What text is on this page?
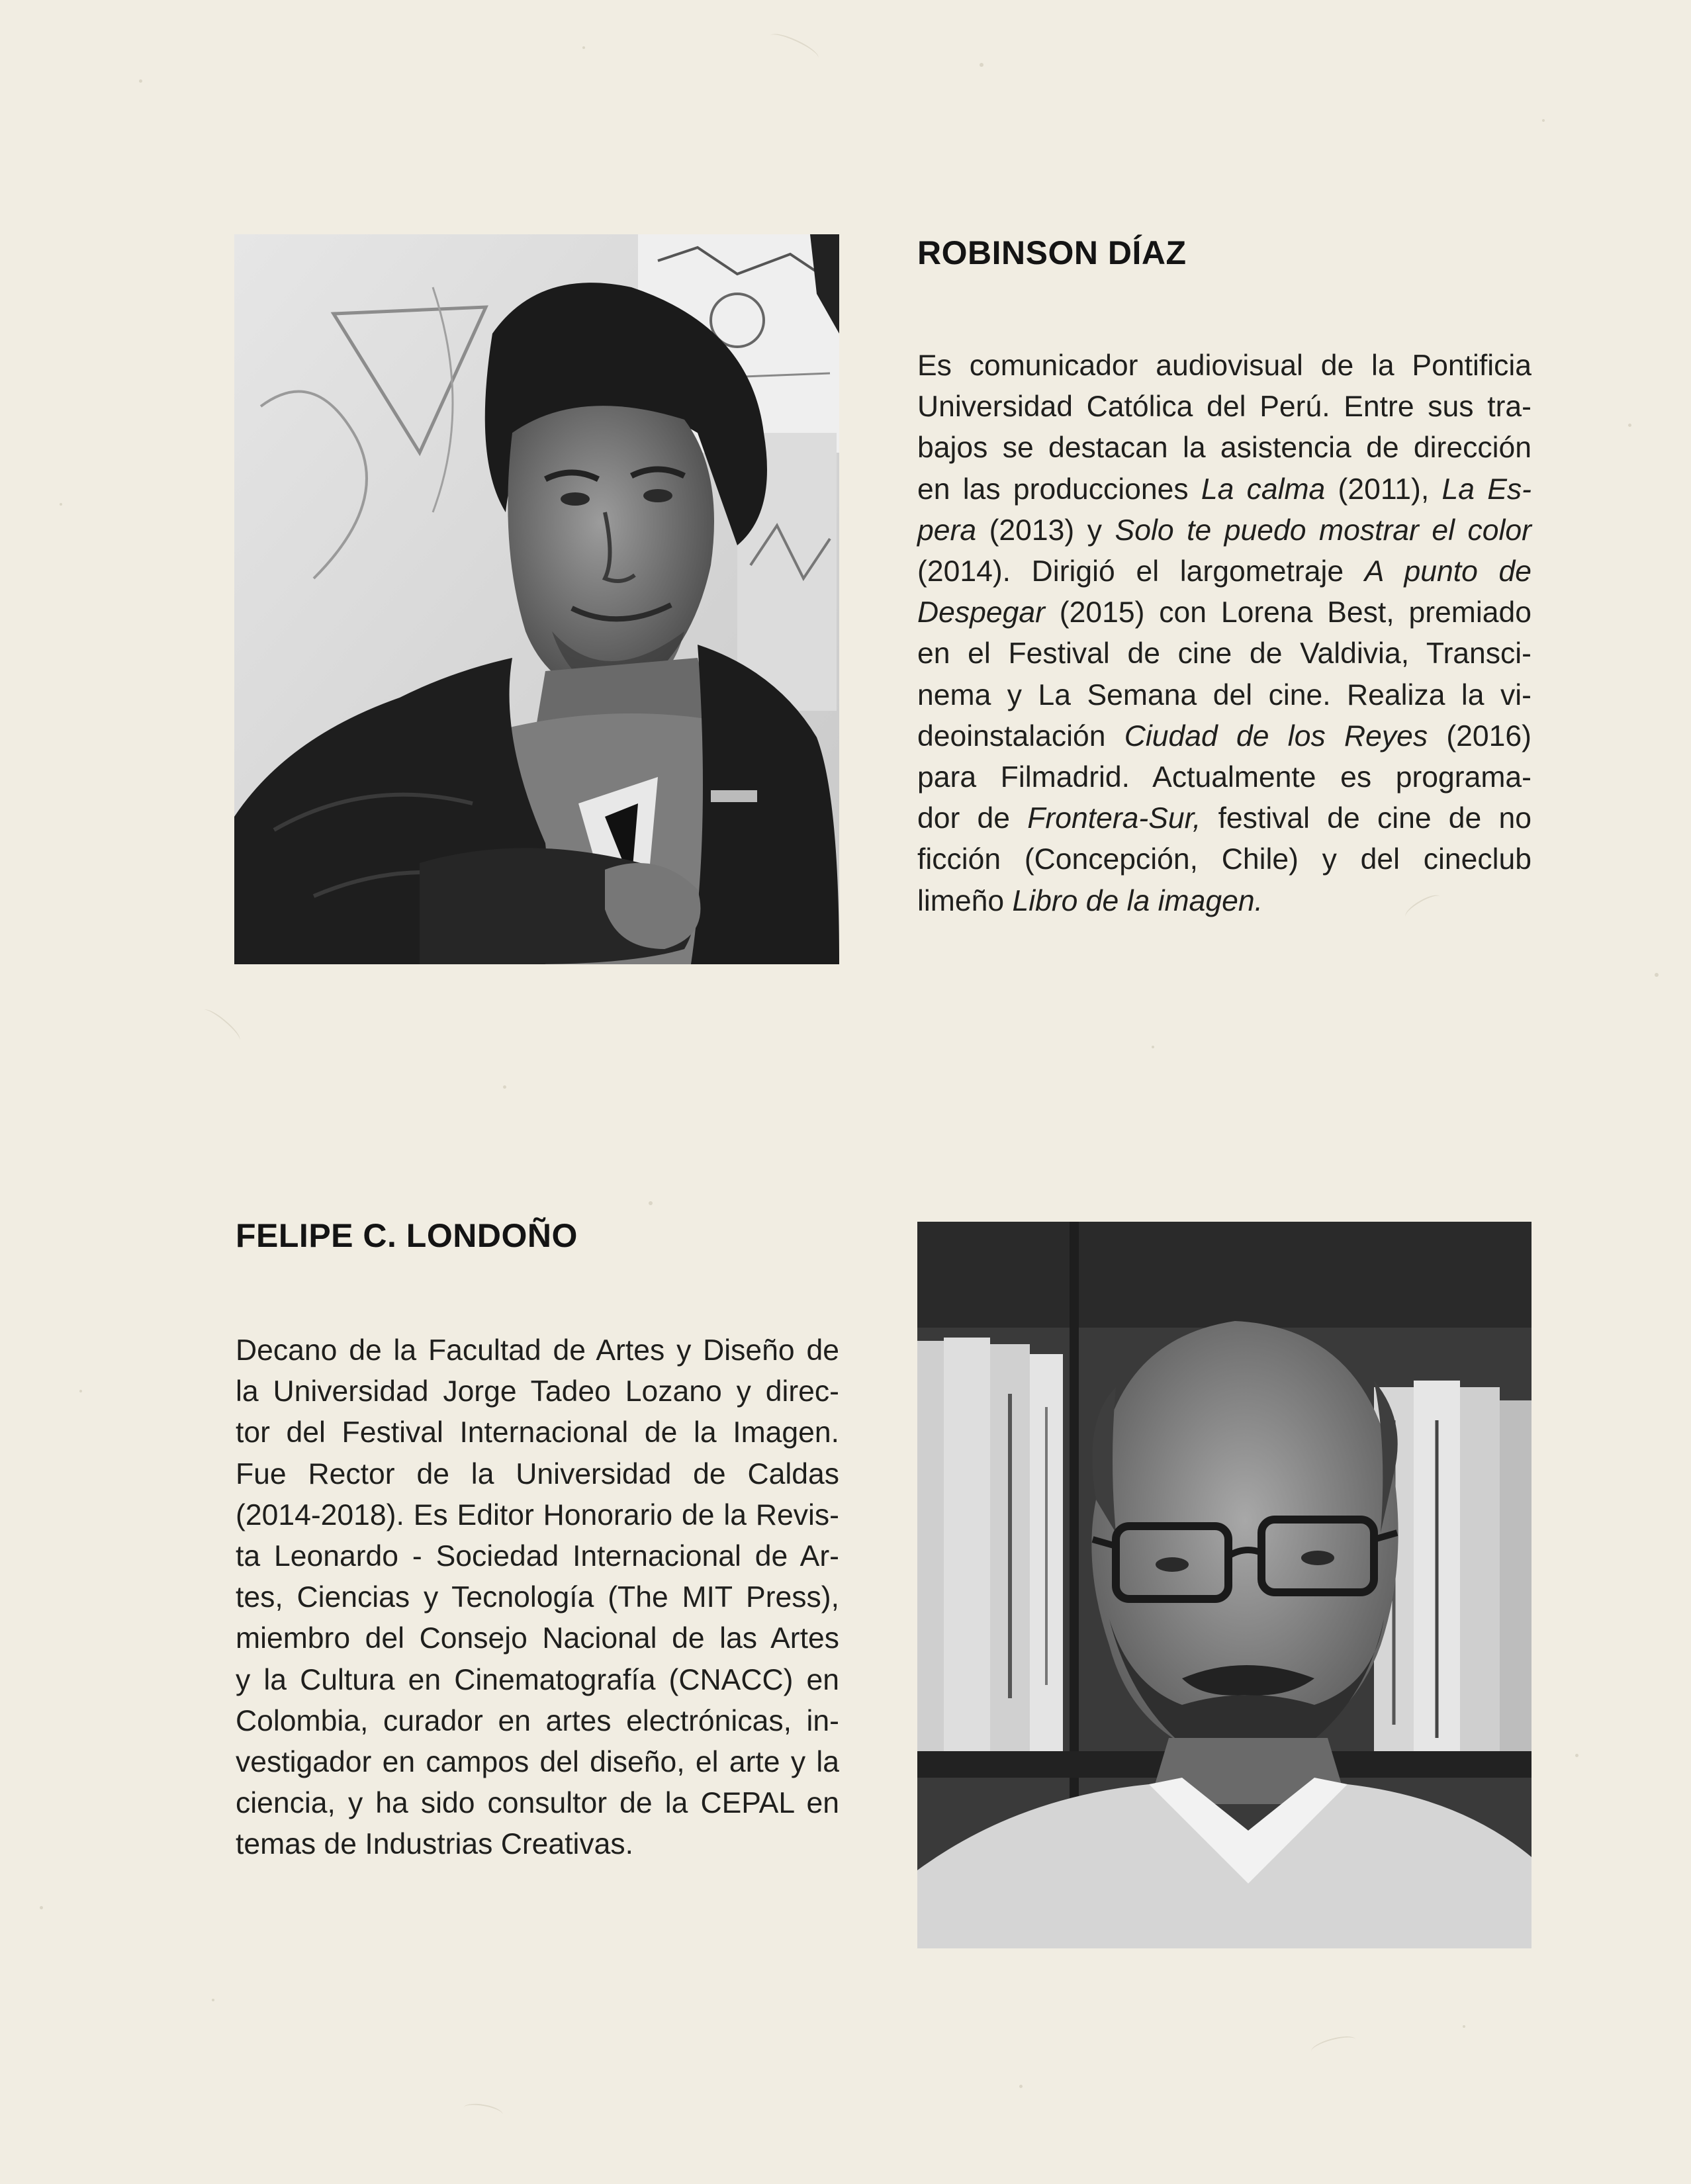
ROBINSON DÍAZ
Es comunicador audiovisual de la Pontificia
Universidad Católica del Perú. Entre sus tra-
bajos se destacan la asistencia de dirección
en las producciones La calma (2011), La Es-
pera (2013) y Solo te puedo mostrar el color
(2014). Dirigió el largometraje A punto de
Despegar (2015) con Lorena Best, premiado
en el Festival de cine de Valdivia, Transci-
nema y La Semana del cine. Realiza la vi-
deoinstalación Ciudad de los Reyes (2016)
para Filmadrid. Actualmente es programa-
dor de Frontera-Sur, festival de cine de no
ficción (Concepción, Chile) y del cineclub
limeño Libro de la imagen.
FELIPE C. LONDOÑO
Decano de la Facultad de Artes y Diseño de
la Universidad Jorge Tadeo Lozano y direc-
tor del Festival Internacional de la Imagen.
Fue Rector de la Universidad de Caldas
(2014-2018). Es Editor Honorario de la Revis-
ta Leonardo - Sociedad Internacional de Ar-
tes, Ciencias y Tecnología (The MIT Press),
miembro del Consejo Nacional de las Artes
y la Cultura en Cinematografía (CNACC) en
Colombia, curador en artes electrónicas, in-
vestigador en campos del diseño, el arte y la
ciencia, y ha sido consultor de la CEPAL en
temas de Industrias Creativas.
